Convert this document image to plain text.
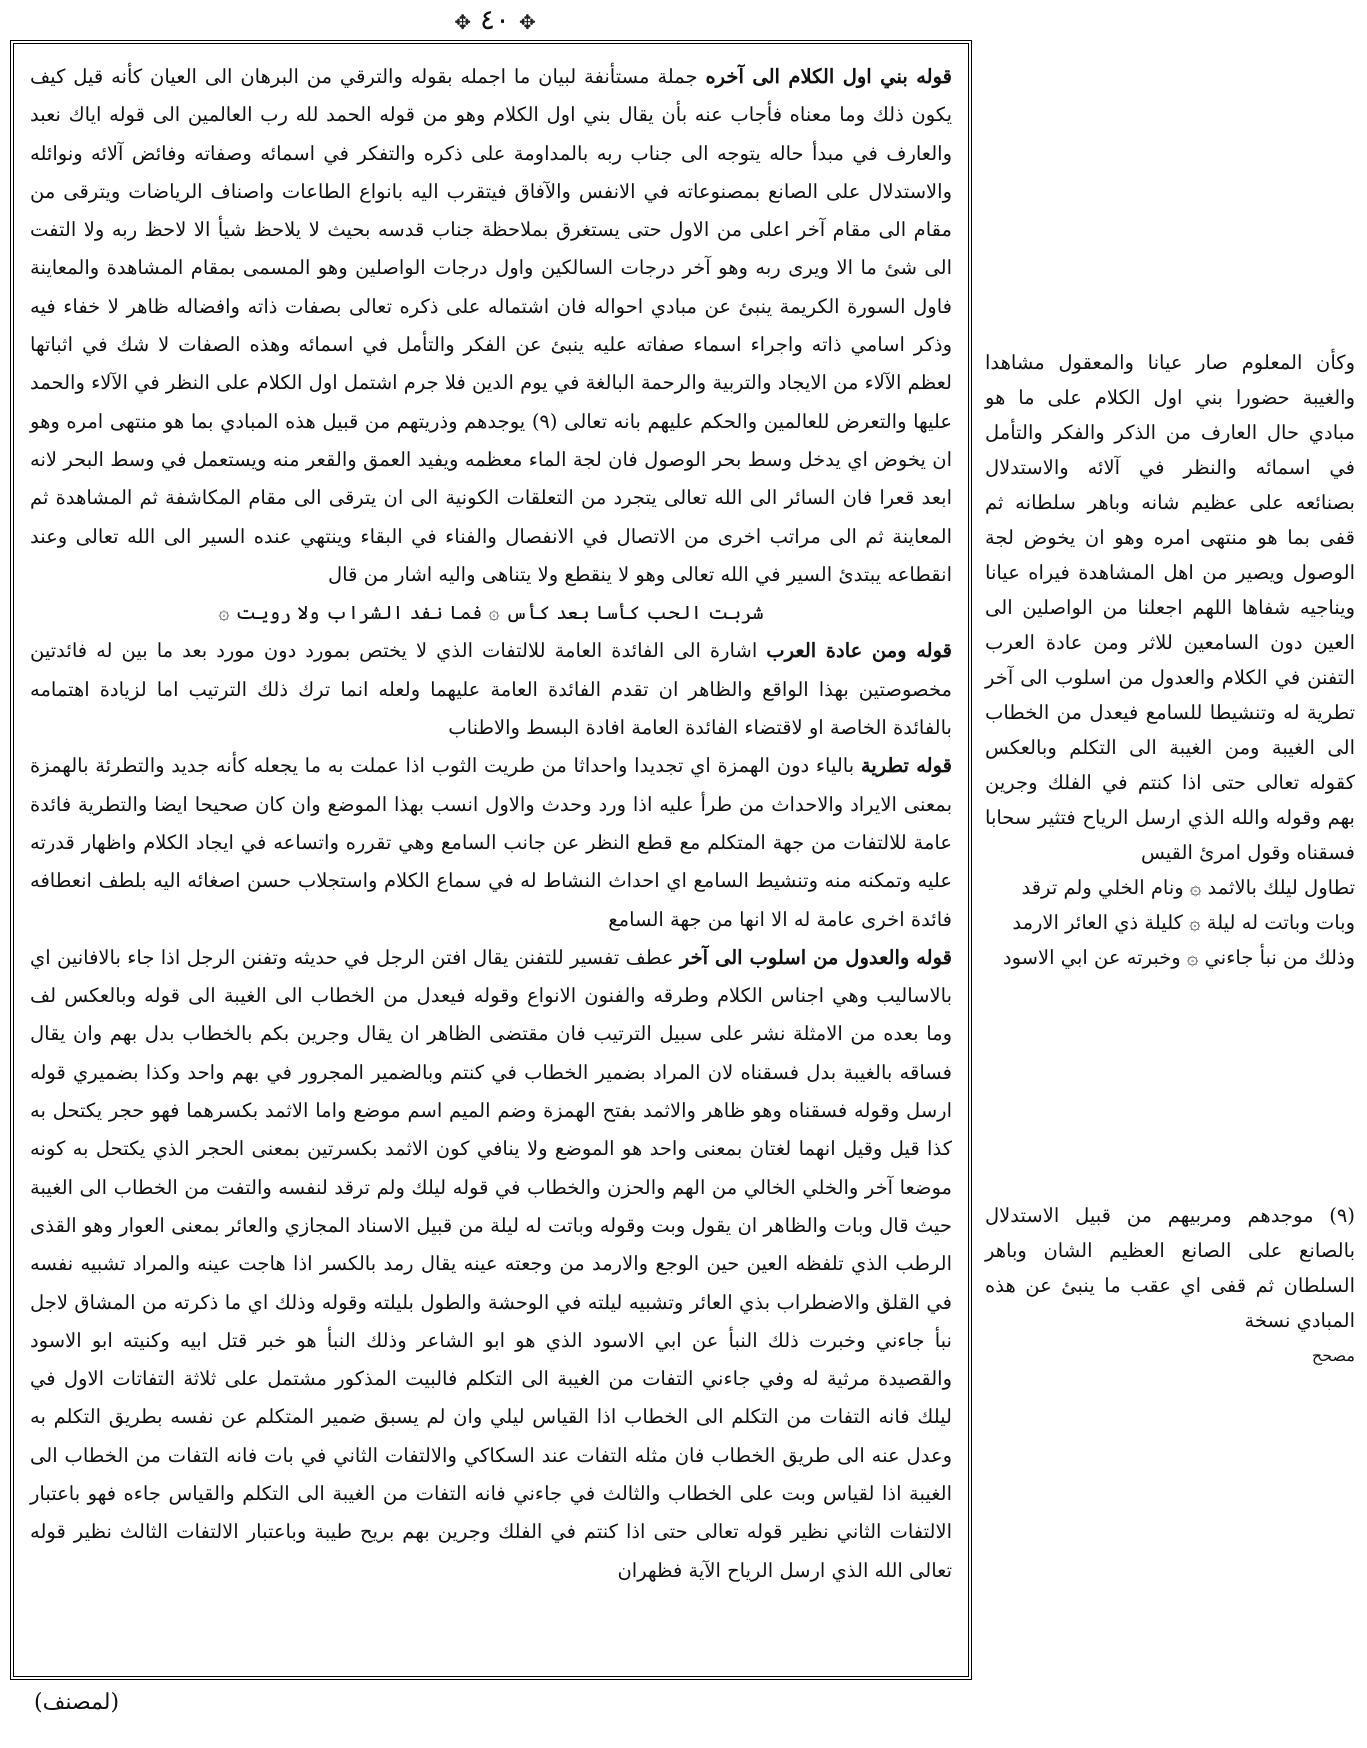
✥ ٤٠ ✥

قوله بني اول الكلام الى آخره جملة مستأنفة لبيان ما اجمله بقوله والترقي من البرهان الى العيان كأنه قيل كيف يكون ذلك وما معناه فأجاب عنه بأن يقال بني اول الكلام وهو من قوله الحمد لله رب العالمين الى قوله اياك نعبد والعارف في مبدأ حاله يتوجه الى جناب ربه بالمداومة على ذكره والتفكر في اسمائه وصفاته وفائض آلائه ونوائله والاستدلال على الصانع بمصنوعاته في الانفس والآفاق فيتقرب اليه بانواع الطاعات واصناف الرياضات ويترقى من مقام الى مقام آخر اعلى من الاول حتى يستغرق بملاحظة جناب قدسه بحيث لا يلاحظ شيأ الا لاحظ ربه ولا التفت الى شئ ما الا ويرى ربه وهو آخر درجات السالكين واول درجات الواصلين وهو المسمى بمقام المشاهدة والمعاينة فاول السورة الكريمة ينبئ عن مبادي احواله فان اشتماله على ذكره تعالى بصفات ذاته وافضاله ظاهر لا خفاء فيه وذكر اسامي ذاته واجراء اسماء صفاته عليه ينبئ عن الفكر والتأمل في اسمائه وهذه الصفات لا شك في اثباتها لعظم الآلاء من الايجاد والتربية والرحمة البالغة في يوم الدين فلا جرم اشتمل اول الكلام على النظر في الآلاء والحمد عليها والتعرض للعالمين والحكم عليهم بانه تعالى (٩) يوجدهم وذريتهم من قبيل هذه المبادي بما هو منتهى امره وهو ان يخوض اي يدخل وسط بحر الوصول فان لجة الماء معظمه ويفيد العمق والقعر منه ويستعمل في وسط البحر لانه ابعد قعرا فان السائر الى الله تعالى يتجرد من التعلقات الكونية الى ان يترقى الى مقام المكاشفة ثم المشاهدة ثم المعاينة ثم الى مراتب اخرى من الاتصال في الانفصال والفناء في البقاء وينتهي عنده السير الى الله تعالى وعند انقطاعه يبتدئ السير في الله تعالى وهو لا ينقطع ولا يتناهى واليه اشار من قال

شربت الحب كأسا بعد كأس ۞ فما نفد الشراب ولا رويت ۞

قوله ومن عادة العرب اشارة الى الفائدة العامة للالتفات الذي لا يختص بمورد دون مورد بعد ما بين له فائدتين مخصوصتين بهذا الواقع والظاهر ان تقدم الفائدة العامة عليهما ولعله انما ترك ذلك الترتيب اما لزيادة اهتمامه بالفائدة الخاصة او لاقتضاء الفائدة العامة افادة البسط والاطناب

قوله تطرية بالياء دون الهمزة اي تجديدا واحداثا من طريت الثوب اذا عملت به ما يجعله كأنه جديد والتطرئة بالهمزة بمعنى الايراد والاحداث من طرأ عليه اذا ورد وحدث والاول انسب بهذا الموضع وان كان صحيحا ايضا والتطرية فائدة عامة للالتفات من جهة المتكلم مع قطع النظر عن جانب السامع وهي تقرره واتساعه في ايجاد الكلام واظهار قدرته عليه وتمكنه منه وتنشيط السامع اي احداث النشاط له في سماع الكلام واستجلاب حسن اصغائه اليه بلطف انعطافه فائدة اخرى عامة له الا انها من جهة السامع

قوله والعدول من اسلوب الى آخر عطف تفسير للتفنن يقال افتن الرجل في حديثه وتفنن الرجل اذا جاء بالافانين اي بالاساليب وهي اجناس الكلام وطرقه والفنون الانواع وقوله فيعدل من الخطاب الى الغيبة الى قوله وبالعكس لف وما بعده من الامثلة نشر على سبيل الترتيب فان مقتضى الظاهر ان يقال وجرين بكم بالخطاب بدل بهم وان يقال فساقه بالغيبة بدل فسقناه لان المراد بضمير الخطاب في كنتم وبالضمير المجرور في بهم واحد وكذا بضميري قوله ارسل وقوله فسقناه وهو ظاهر والاثمد بفتح الهمزة وضم الميم اسم موضع واما الاثمد بكسرهما فهو حجر يكتحل به كذا قيل وقيل انهما لغتان بمعنى واحد هو الموضع ولا ينافي كون الاثمد بكسرتين بمعنى الحجر الذي يكتحل به كونه موضعا آخر والخلي الخالي من الهم والحزن والخطاب في قوله ليلك ولم ترقد لنفسه والتفت من الخطاب الى الغيبة حيث قال وبات والظاهر ان يقول وبت وقوله وباتت له ليلة من قبيل الاسناد المجازي والعائر بمعنى العوار وهو القذى الرطب الذي تلفظه العين حين الوجع والارمد من وجعته عينه يقال رمد بالكسر اذا هاجت عينه والمراد تشبيه نفسه في القلق والاضطراب بذي العائر وتشبيه ليلته في الوحشة والطول بليلته وقوله وذلك اي ما ذكرته من المشاق لاجل نبأ جاءني وخبرت ذلك النبأ عن ابي الاسود الذي هو ابو الشاعر وذلك النبأ هو خبر قتل ابيه وكنيته ابو الاسود والقصيدة مرثية له وفي جاءني التفات من الغيبة الى التكلم فالبيت المذكور مشتمل على ثلاثة التفاتات الاول في ليلك فانه التفات من التكلم الى الخطاب اذا القياس ليلي وان لم يسبق ضمير المتكلم عن نفسه بطريق التكلم به وعدل عنه الى طريق الخطاب فان مثله التفات عند السكاكي والالتفات الثاني في بات فانه التفات من الخطاب الى الغيبة اذا لقياس وبت على الخطاب والثالث في جاءني فانه التفات من الغيبة الى التكلم والقياس جاءه فهو باعتبار الالتفات الثاني نظير قوله تعالى حتى اذا كنتم في الفلك وجرين بهم بريح طيبة وباعتبار الالتفات الثالث نظير قوله تعالى الله الذي ارسل الرياح الآية فظهران

وكأن المعلوم صار عيانا والمعقول مشاهدا والغيبة حضورا بني اول الكلام على ما هو مبادي حال العارف من الذكر والفكر والتأمل في اسمائه والنظر في آلائه والاستدلال بصنائعه على عظيم شانه وباهر سلطانه ثم قفى بما هو منتهى امره وهو ان يخوض لجة الوصول ويصير من اهل المشاهدة فيراه عيانا ويناجيه شفاها اللهم اجعلنا من الواصلين الى العين دون السامعين للاثر ومن عادة العرب التفنن في الكلام والعدول من اسلوب الى آخر تطرية له وتنشيطا للسامع فيعدل من الخطاب الى الغيبة ومن الغيبة الى التكلم وبالعكس كقوله تعالى حتى اذا كنتم في الفلك وجرين بهم وقوله والله الذي ارسل الرياح فتثير سحابا فسقناه وقول امرئ القيس

تطاول ليلك بالاثمد ۞ ونام الخلي ولم ترقد

وبات وباتت له ليلة ۞ كليلة ذي العائر الارمد

وذلك من نبأ جاءني ۞ وخبرته عن ابي الاسود

(٩) موجدهم ومربيهم من قبيل الاستدلال بالصانع على الصانع العظيم الشان وباهر السلطان ثم قفى اي عقب ما ينبئ عن هذه المبادي نسخة

مصحح

(لمصنف)
